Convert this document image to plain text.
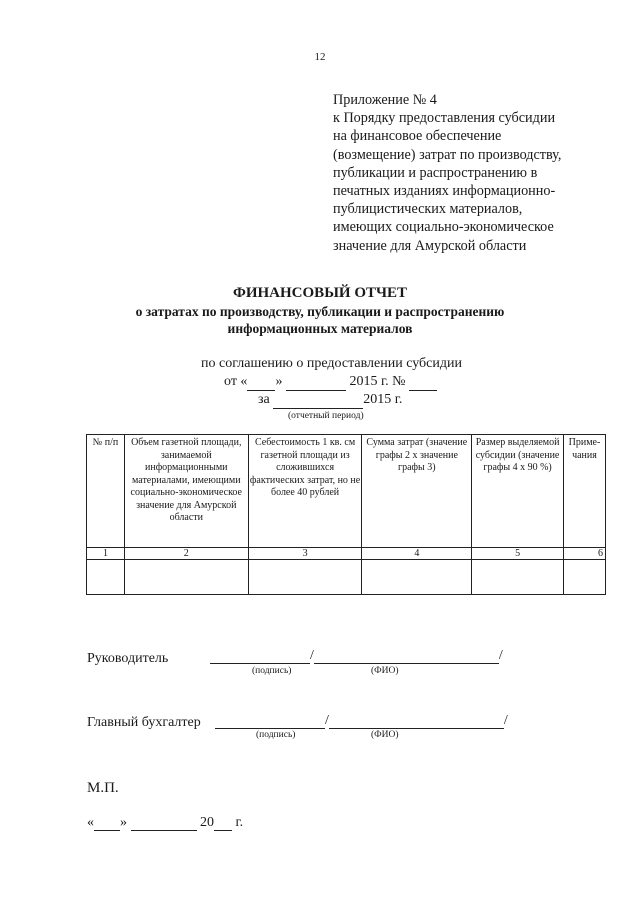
12
Приложение № 4
к Порядку предоставления субсидии
на финансовое обеспечение
(возмещение) затрат по производству,
публикации и распространению в
печатных изданиях информационно-
публицистических материалов,
имеющих социально-экономическое
значение для Амурской области
ФИНАНСОВЫЙ ОТЧЕТ
о затратах по производству, публикации и распространению
информационных материалов
по соглашению о предоставлении субсидии
от « »	2015 г. №
за	2015 г.
(отчетный период)
№ п/п	Объем газетной площади, занимаемой информационными материалами, имеющими социально-экономическое значение для Амурской области	Себестоимость 1 кв. см газетной площади из сложившихся фактических затрат, но не более 40 рублей	Сумма затрат (значение графы 2 х значение графы 3)	Размер выделяемой субсидии (значение графы 4 х 90 %)	Приме-чания
1	2	3	4	5	6

Руководитель	/	/
(подпись)	(ФИО)
Главный бухгалтер	/	/
(подпись)	(ФИО)
М.П.
« »	20 г.
